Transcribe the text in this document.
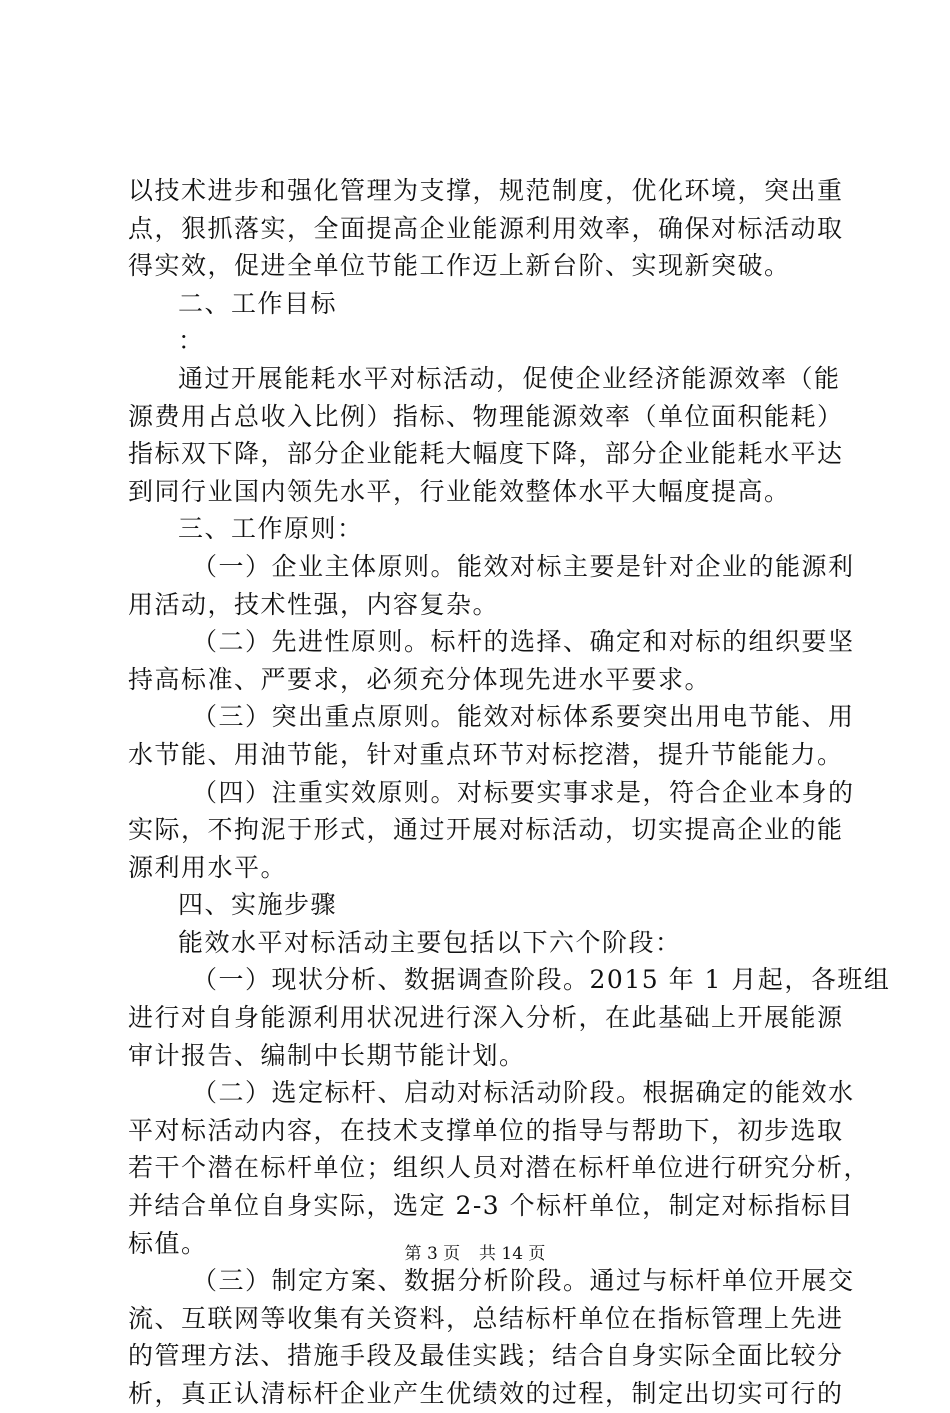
以技术进步和强化管理为支撑，规范制度，优化环境，突出重
点，狠抓落实，全面提高企业能源利用效率，确保对标活动取
得实效，促进全单位节能工作迈上新台阶、实现新突破。
二、工作目标
：
通过开展能耗水平对标活动，促使企业经济能源效率（能
源费用占总收入比例）指标、物理能源效率（单位面积能耗）
指标双下降，部分企业能耗大幅度下降，部分企业能耗水平达
到同行业国内领先水平，行业能效整体水平大幅度提高。
三、工作原则：
（一）企业主体原则。能效对标主要是针对企业的能源利
用活动，技术性强，内容复杂。
（二）先进性原则。标杆的选择、确定和对标的组织要坚
持高标准、严要求，必须充分体现先进水平要求。
（三）突出重点原则。能效对标体系要突出用电节能、用
水节能、用油节能，针对重点环节对标挖潜，提升节能能力。
（四）注重实效原则。对标要实事求是，符合企业本身的
实际，不拘泥于形式，通过开展对标活动，切实提高企业的能
源利用水平。
四、实施步骤
能效水平对标活动主要包括以下六个阶段：
（一）现状分析、数据调查阶段。2015 年 1 月起，各班组
进行对自身能源利用状况进行深入分析，在此基础上开展能源
审计报告、编制中长期节能计划。
（二）选定标杆、启动对标活动阶段。根据确定的能效水
平对标活动内容，在技术支撑单位的指导与帮助下，初步选取
若干个潜在标杆单位；组织人员对潜在标杆单位进行研究分析，
并结合单位自身实际，选定 2-3 个标杆单位，制定对标指标目
标值。
（三）制定方案、数据分析阶段。通过与标杆单位开展交
流、互联网等收集有关资料，总结标杆单位在指标管理上先进
的管理方法、措施手段及最佳实践；结合自身实际全面比较分
析，真正认清标杆企业产生优绩效的过程，制定出切实可行的
第 3 页 共 14 页
